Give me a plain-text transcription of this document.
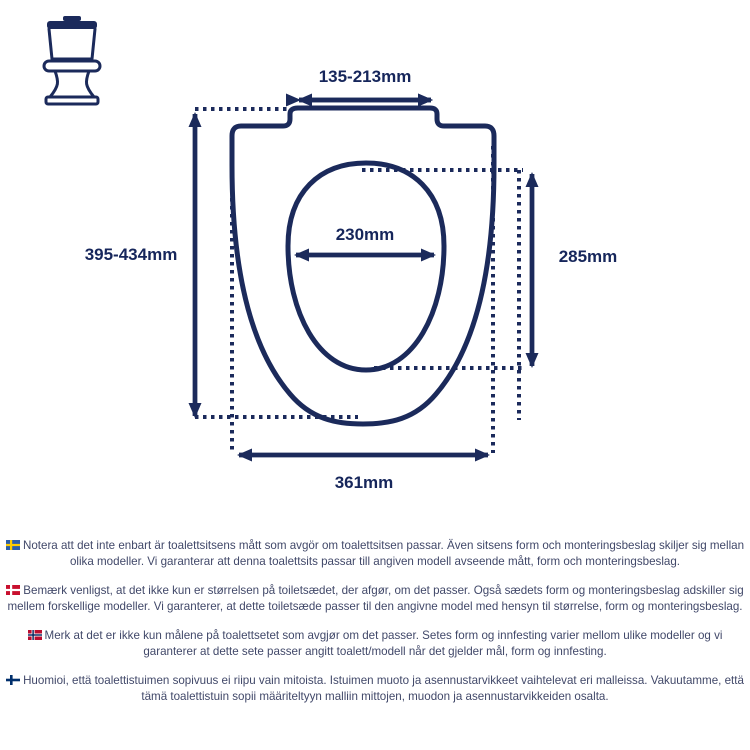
135-213mm
395-434mm
230mm
285mm
361mm

Notera att det inte enbart är toalettsitsens mått som avgör om toalettsitsen passar. Även sitsens form och monteringsbeslag skiljer sig mellan olika modeller. Vi garanterar att denna toalettsits passar till angiven modell avseende mått, form och monteringsbeslag.

Bemærk venligst, at det ikke kun er størrelsen på toiletsædet, der afgør, om det passer. Også sædets form og monteringsbeslag adskiller sig mellem forskellige modeller. Vi garanterer, at dette toiletsæde passer til den angivne model med hensyn til størrelse, form og monteringsbeslag.

Merk at det er ikke kun målene på toalettsetet som avgjør om det passer. Setes form og innfesting varier mellom ulike modeller og vi garanterer at dette sete passer angitt toalett/modell når det gjelder mål, form og innfesting.

Huomioi, että toalettistuimen sopivuus ei riipu vain mitoista. Istuimen muoto ja asennustarvikkeet vaihtelevat eri malleissa. Vakuutamme, että tämä toalettistuin sopii määriteltyyn malliin mittojen, muodon ja asennustarvikkeiden osalta.
